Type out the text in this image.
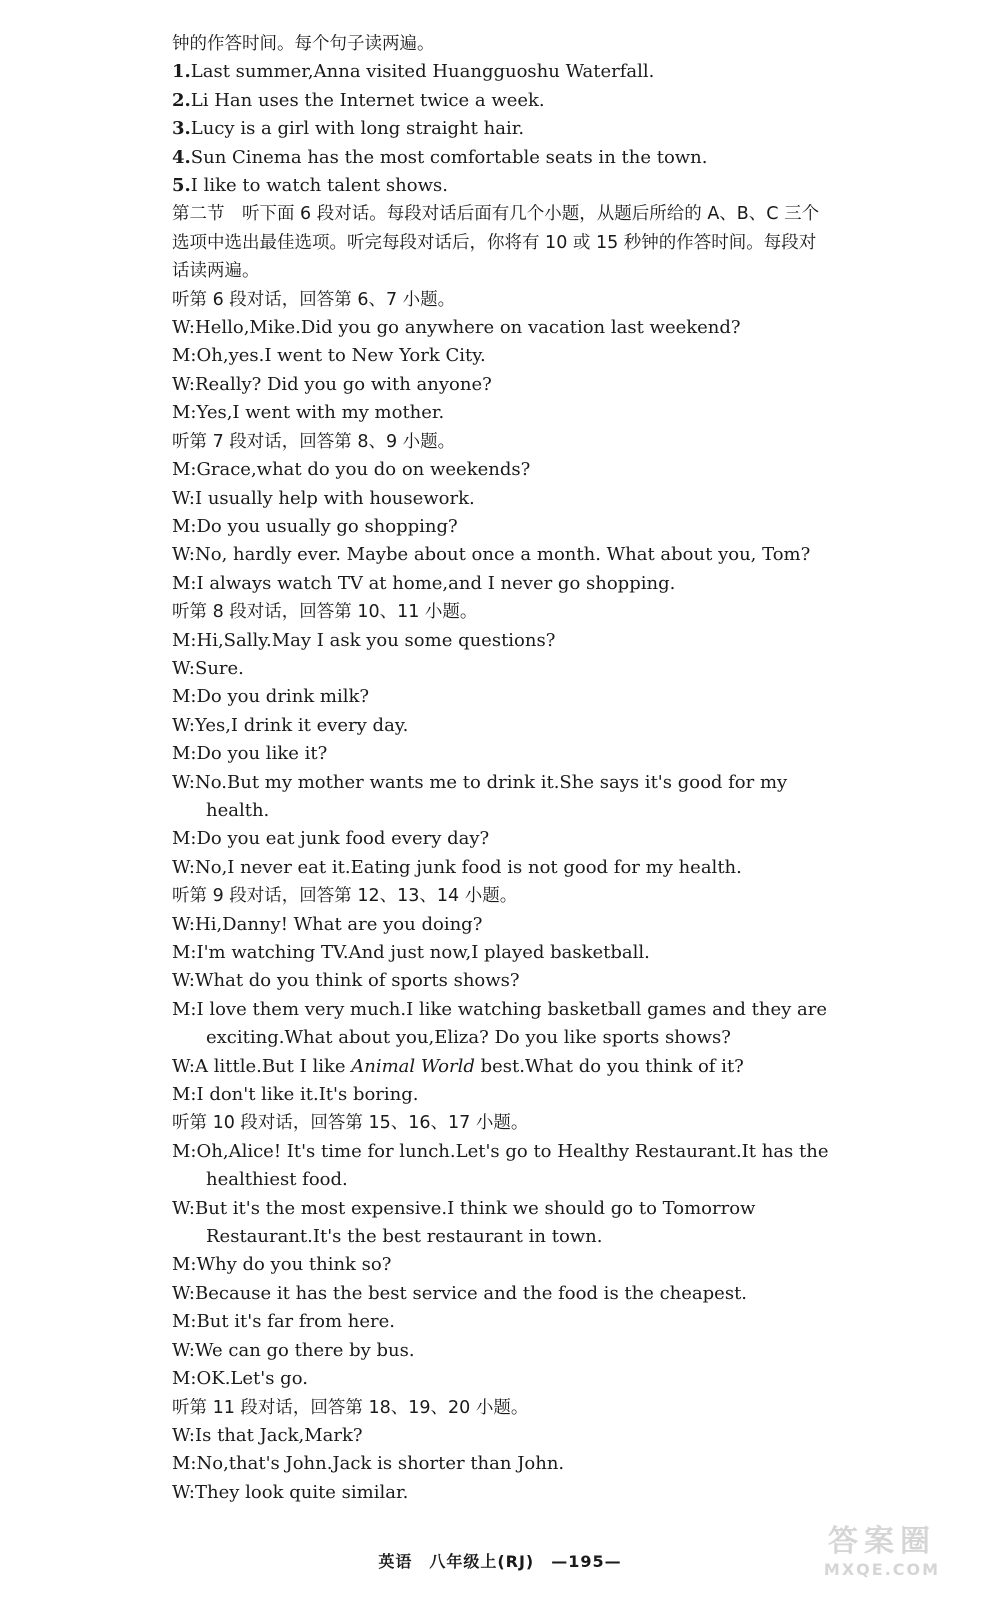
钟的作答时间。每个句子读两遍。

1.Last summer,Anna visited Huangguoshu Waterfall.

2.Li Han uses the Internet twice a week.

3.Lucy is a girl with long straight hair.

4.Sun Cinema has the most comfortable seats in the town.

5.I like to watch talent shows.

第二节　听下面 6 段对话。每段对话后面有几个小题，从题后所给的 A、B、C 三个选项中选出最佳选项。听完每段对话后，你将有 10 或 15 秒钟的作答时间。每段对话读两遍。

听第 6 段对话，回答第 6、7 小题。

W:Hello,Mike.Did you go anywhere on vacation last weekend?

M:Oh,yes.I went to New York City.

W:Really? Did you go with anyone?

M:Yes,I went with my mother.

听第 7 段对话，回答第 8、9 小题。

M:Grace,what do you do on weekends?

W:I usually help with housework.

M:Do you usually go shopping?

W:No, hardly ever. Maybe about once a month. What about you, Tom?

M:I always watch TV at home,and I never go shopping.

听第 8 段对话，回答第 10、11 小题。

M:Hi,Sally.May I ask you some questions?

W:Sure.

M:Do you drink milk?

W:Yes,I drink it every day.

M:Do you like it?

W:No.But my mother wants me to drink it.She says it's good for my health.

M:Do you eat junk food every day?

W:No,I never eat it.Eating junk food is not good for my health.

听第 9 段对话，回答第 12、13、14 小题。

W:Hi,Danny! What are you doing?

M:I'm watching TV.And just now,I played basketball.

W:What do you think of sports shows?

M:I love them very much.I like watching basketball games and they are exciting.What about you,Eliza? Do you like sports shows?

W:A little.But I like Animal World best.What do you think of it?

M:I don't like it.It's boring.

听第 10 段对话，回答第 15、16、17 小题。

M:Oh,Alice! It's time for lunch.Let's go to Healthy Restaurant.It has the healthiest food.

W:But it's the most expensive.I think we should go to Tomorrow Restaurant.It's the best restaurant in town.

M:Why do you think so?

W:Because it has the best service and the food is the cheapest.

M:But it's far from here.

W:We can go there by bus.

M:OK.Let's go.

听第 11 段对话，回答第 18、19、20 小题。

W:Is that Jack,Mark?

M:No,that's John.Jack is shorter than John.

W:They look quite similar.

英语　八年级上(RJ)　—195—
答案圈
MXQE.COM
